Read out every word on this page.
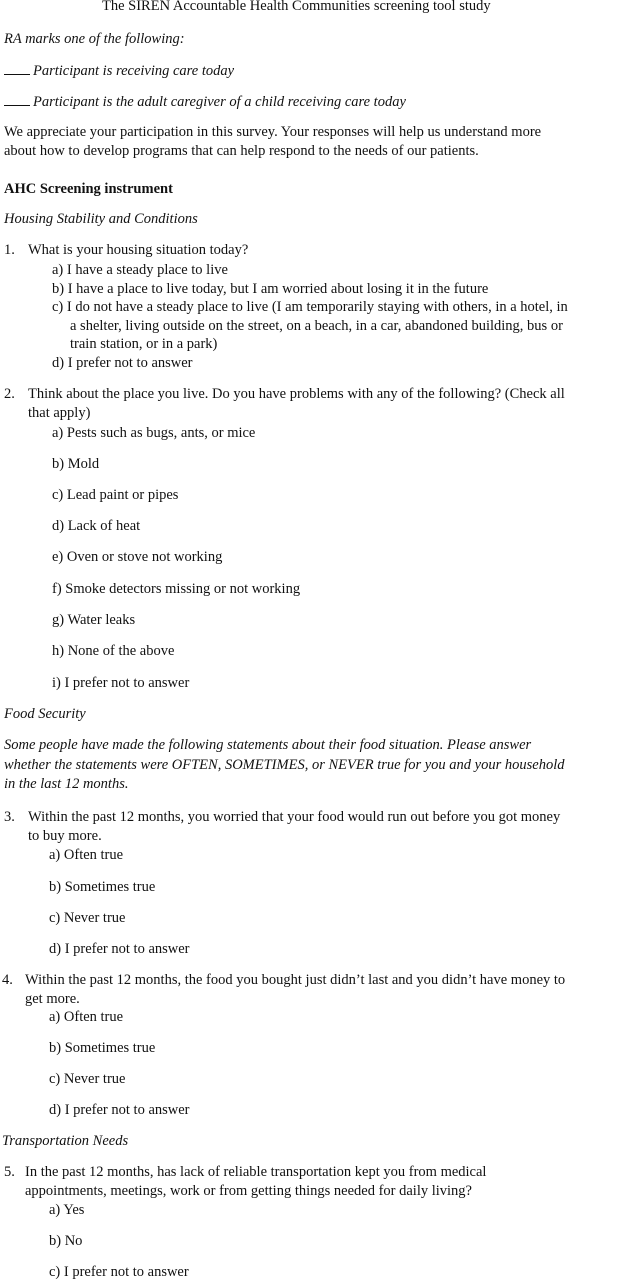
The SIREN Accountable Health Communities screening tool study
RA marks one of the following:
Participant is receiving care today
Participant is the adult caregiver of a child receiving care today
We appreciate your participation in this survey. Your responses will help us understand more
about how to develop programs that can help respond to the needs of our patients.
AHC Screening instrument
Housing Stability and Conditions
1. What is your housing situation today?
a) I have a steady place to live
b) I have a place to live today, but I am worried about losing it in the future
c) I do not have a steady place to live (I am temporarily staying with others, in a hotel, in
a shelter, living outside on the street, on a beach, in a car, abandoned building, bus or
train station, or in a park)
d) I prefer not to answer
2. Think about the place you live. Do you have problems with any of the following? (Check all
that apply)
a) Pests such as bugs, ants, or mice
b) Mold
c) Lead paint or pipes
d) Lack of heat
e) Oven or stove not working
f) Smoke detectors missing or not working
g) Water leaks
h) None of the above
i) I prefer not to answer
Food Security
Some people have made the following statements about their food situation. Please answer
whether the statements were OFTEN, SOMETIMES, or NEVER true for you and your household
in the last 12 months.
3. Within the past 12 months, you worried that your food would run out before you got money
to buy more.
a) Often true
b) Sometimes true
c) Never true
d) I prefer not to answer
4. Within the past 12 months, the food you bought just didn’t last and you didn’t have money to
get more.
a) Often true
b) Sometimes true
c) Never true
d) I prefer not to answer
Transportation Needs
5. In the past 12 months, has lack of reliable transportation kept you from medical
appointments, meetings, work or from getting things needed for daily living?
a) Yes
b) No
c) I prefer not to answer
